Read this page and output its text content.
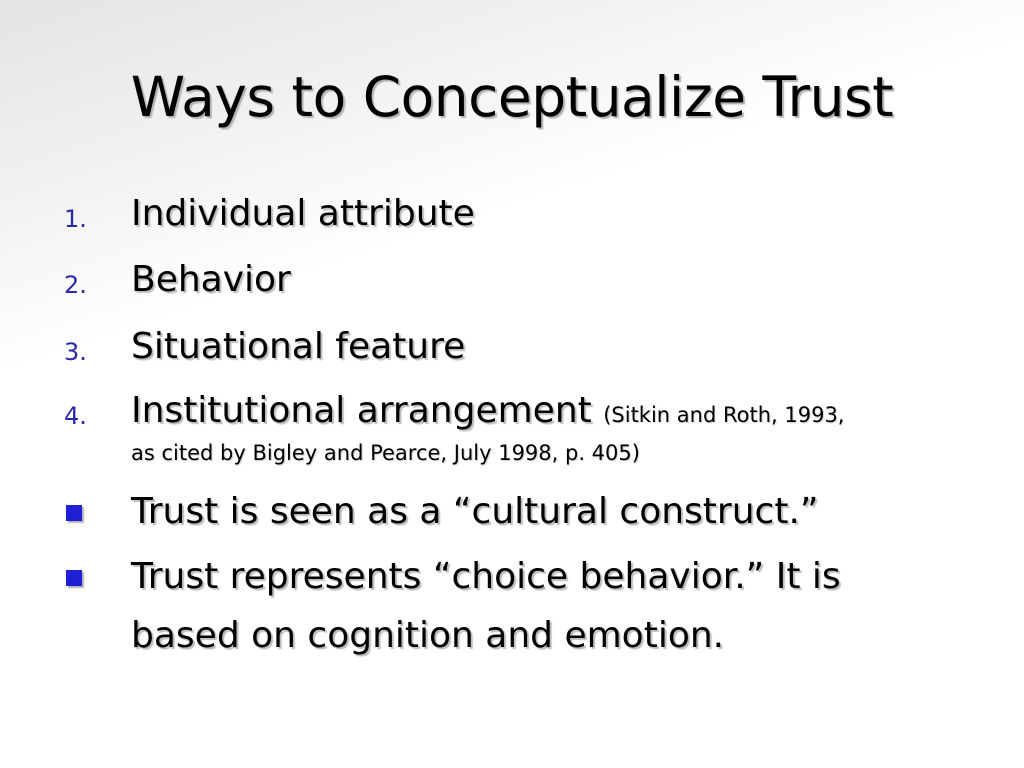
Ways to Conceptualize Trust
1. Individual attribute
2. Behavior
3. Situational feature
4. Institutional arrangement (Sitkin and Roth, 1993,
as cited by Bigley and Pearce, July 1998, p. 405)
Trust is seen as a “cultural construct.”
Trust represents “choice behavior.” It is
based on cognition and emotion.
